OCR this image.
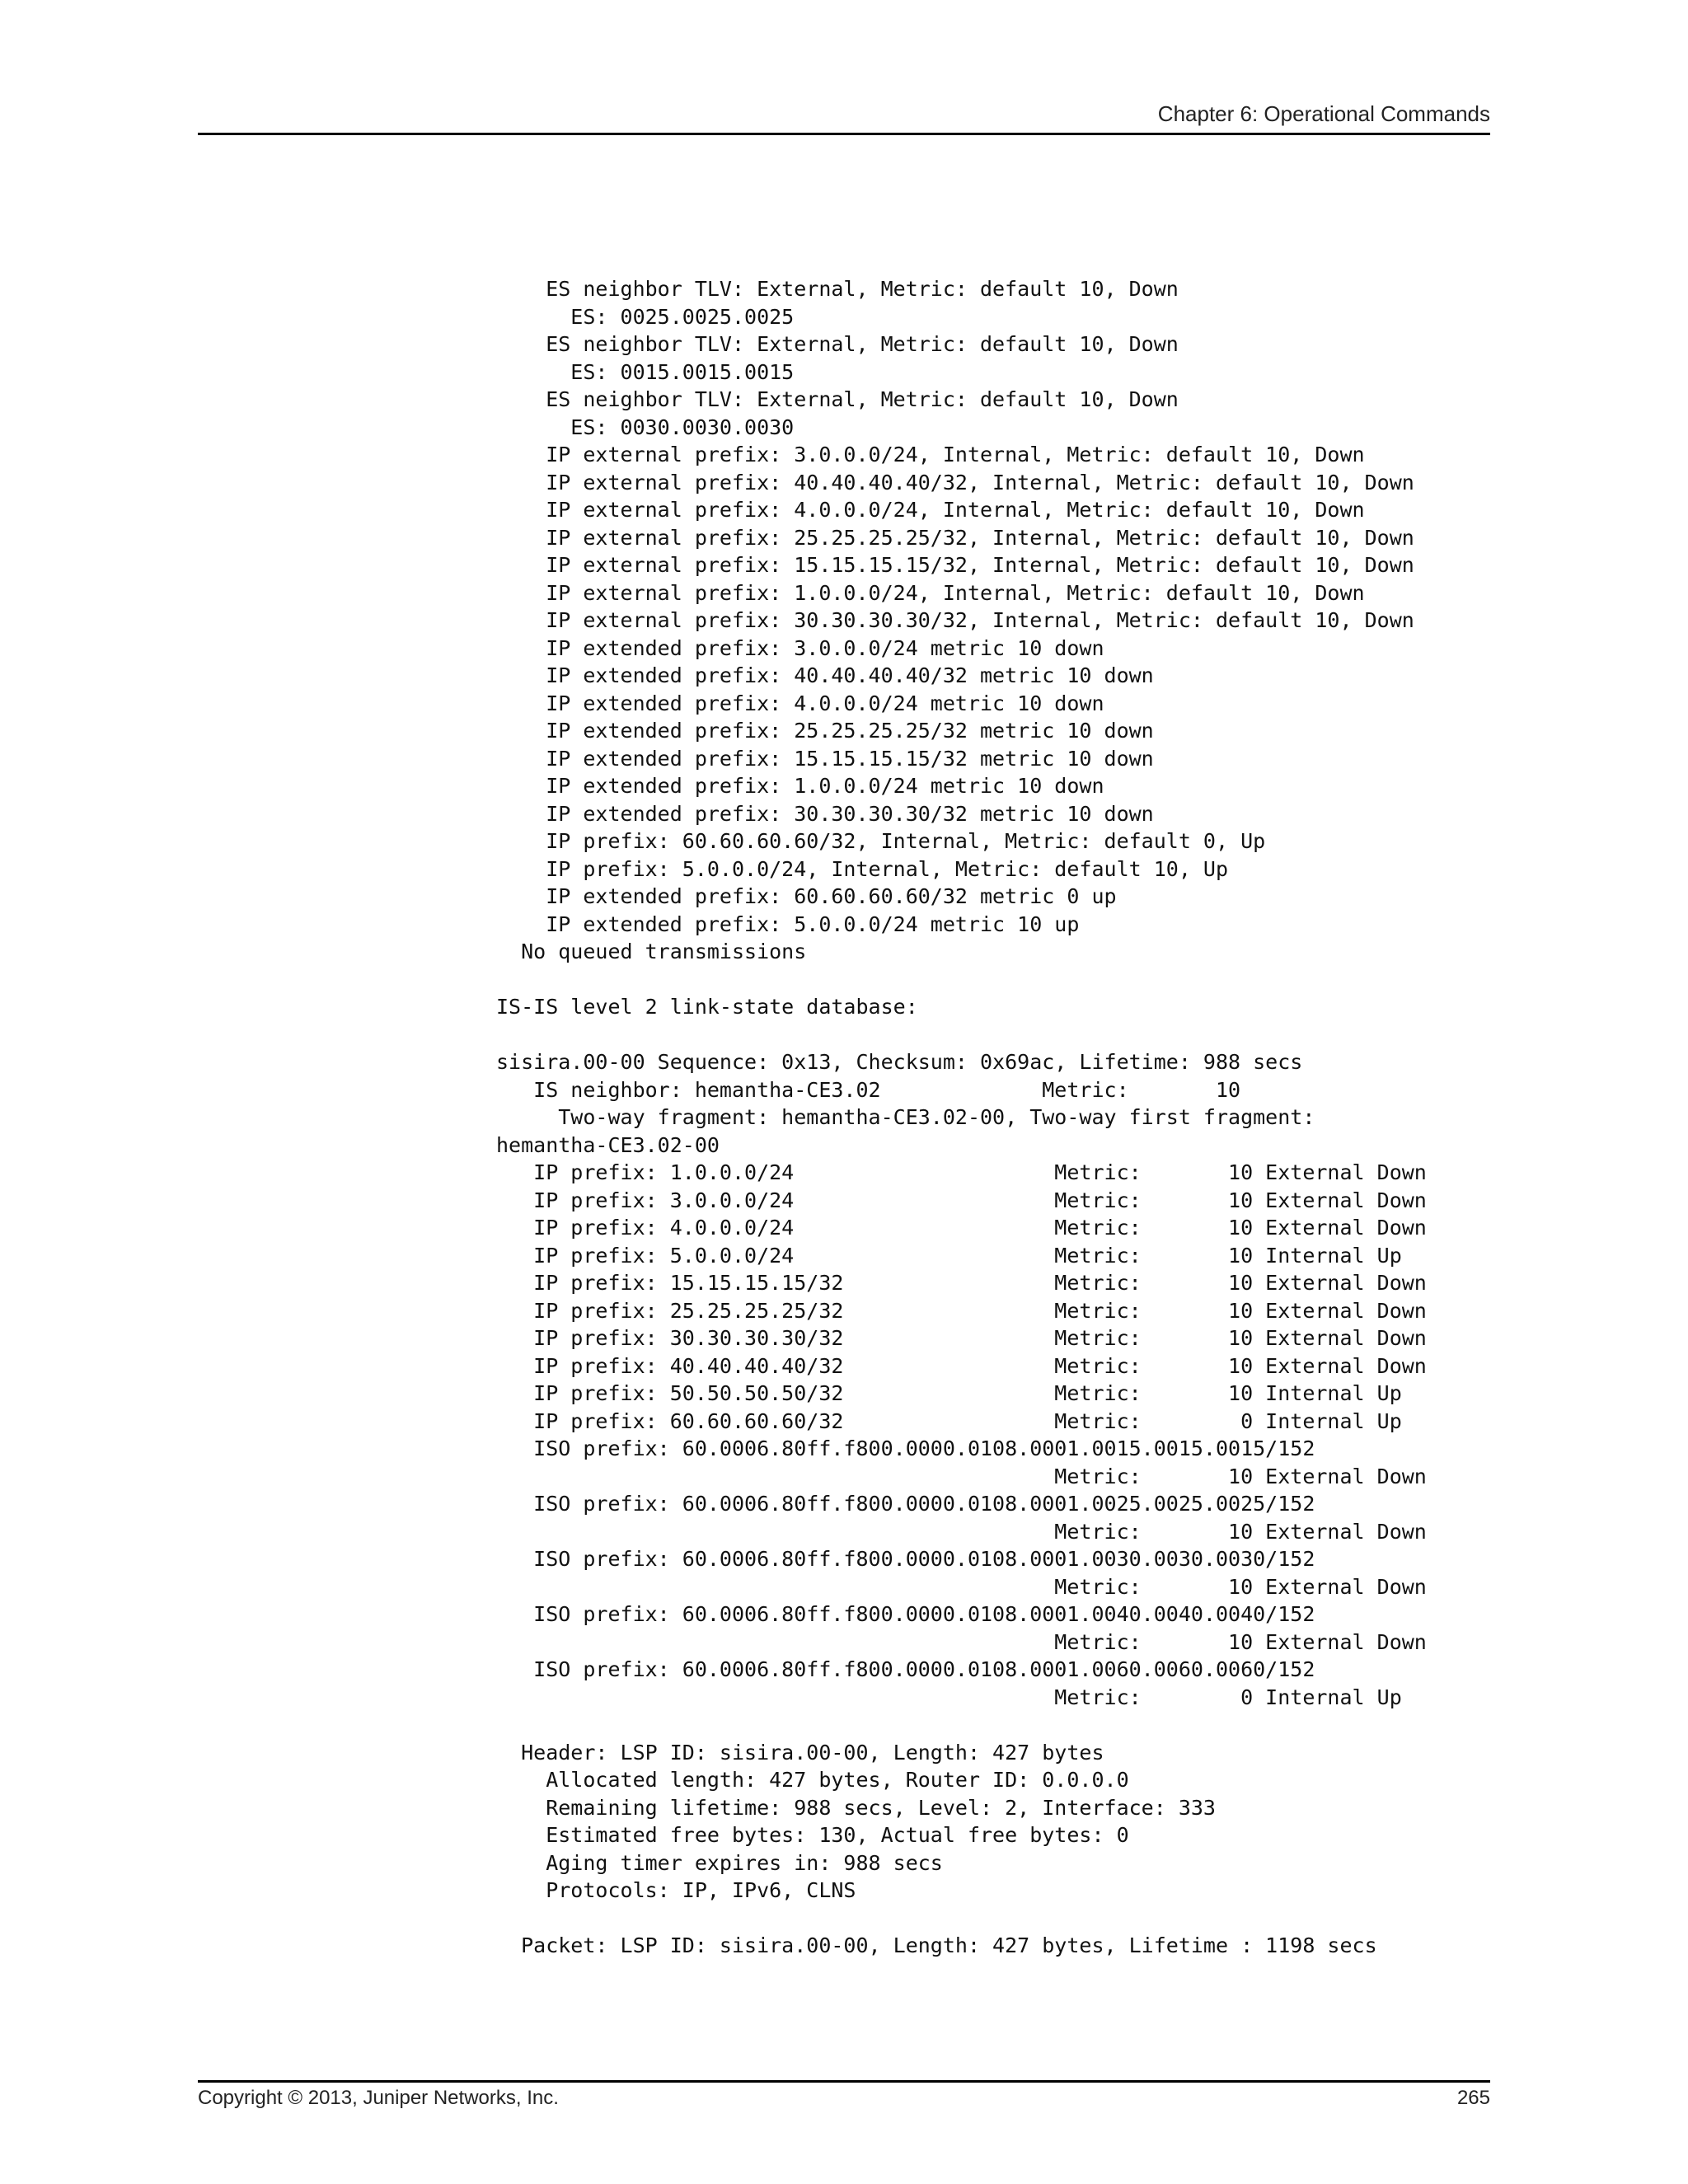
Chapter 6: Operational Commands
ES neighbor TLV: External, Metric: default 10, Down
ES: 0025.0025.0025
ES neighbor TLV: External, Metric: default 10, Down
ES: 0015.0015.0015
ES neighbor TLV: External, Metric: default 10, Down
ES: 0030.0030.0030
IP external prefix: 3.0.0.0/24, Internal, Metric: default 10, Down
IP external prefix: 40.40.40.40/32, Internal, Metric: default 10, Down
IP external prefix: 4.0.0.0/24, Internal, Metric: default 10, Down
IP external prefix: 25.25.25.25/32, Internal, Metric: default 10, Down
IP external prefix: 15.15.15.15/32, Internal, Metric: default 10, Down
IP external prefix: 1.0.0.0/24, Internal, Metric: default 10, Down
IP external prefix: 30.30.30.30/32, Internal, Metric: default 10, Down
IP extended prefix: 3.0.0.0/24 metric 10 down
IP extended prefix: 40.40.40.40/32 metric 10 down
IP extended prefix: 4.0.0.0/24 metric 10 down
IP extended prefix: 25.25.25.25/32 metric 10 down
IP extended prefix: 15.15.15.15/32 metric 10 down
IP extended prefix: 1.0.0.0/24 metric 10 down
IP extended prefix: 30.30.30.30/32 metric 10 down
IP prefix: 60.60.60.60/32, Internal, Metric: default 0, Up
IP prefix: 5.0.0.0/24, Internal, Metric: default 10, Up
IP extended prefix: 60.60.60.60/32 metric 0 up
IP extended prefix: 5.0.0.0/24 metric 10 up
No queued transmissions
IS-IS level 2 link-state database:
sisira.00-00 Sequence: 0x13, Checksum: 0x69ac, Lifetime: 988 secs
IS neighbor: hemantha-CE3.02             Metric:       10
Two-way fragment: hemantha-CE3.02-00, Two-way first fragment:
hemantha-CE3.02-00
IP prefix: 1.0.0.0/24                     Metric:       10 External Down
IP prefix: 3.0.0.0/24                     Metric:       10 External Down
IP prefix: 4.0.0.0/24                     Metric:       10 External Down
IP prefix: 5.0.0.0/24                     Metric:       10 Internal Up
IP prefix: 15.15.15.15/32                 Metric:       10 External Down
IP prefix: 25.25.25.25/32                 Metric:       10 External Down
IP prefix: 30.30.30.30/32                 Metric:       10 External Down
IP prefix: 40.40.40.40/32                 Metric:       10 External Down
IP prefix: 50.50.50.50/32                 Metric:       10 Internal Up
IP prefix: 60.60.60.60/32                 Metric:        0 Internal Up
ISO prefix: 60.0006.80ff.f800.0000.0108.0001.0015.0015.0015/152
Metric:       10 External Down
ISO prefix: 60.0006.80ff.f800.0000.0108.0001.0025.0025.0025/152
Metric:       10 External Down
ISO prefix: 60.0006.80ff.f800.0000.0108.0001.0030.0030.0030/152
Metric:       10 External Down
ISO prefix: 60.0006.80ff.f800.0000.0108.0001.0040.0040.0040/152
Metric:       10 External Down
ISO prefix: 60.0006.80ff.f800.0000.0108.0001.0060.0060.0060/152
Metric:        0 Internal Up
Header: LSP ID: sisira.00-00, Length: 427 bytes
Allocated length: 427 bytes, Router ID: 0.0.0.0
Remaining lifetime: 988 secs, Level: 2, Interface: 333
Estimated free bytes: 130, Actual free bytes: 0
Aging timer expires in: 988 secs
Protocols: IP, IPv6, CLNS
Packet: LSP ID: sisira.00-00, Length: 427 bytes, Lifetime : 1198 secs
Copyright © 2013, Juniper Networks, Inc.	265
